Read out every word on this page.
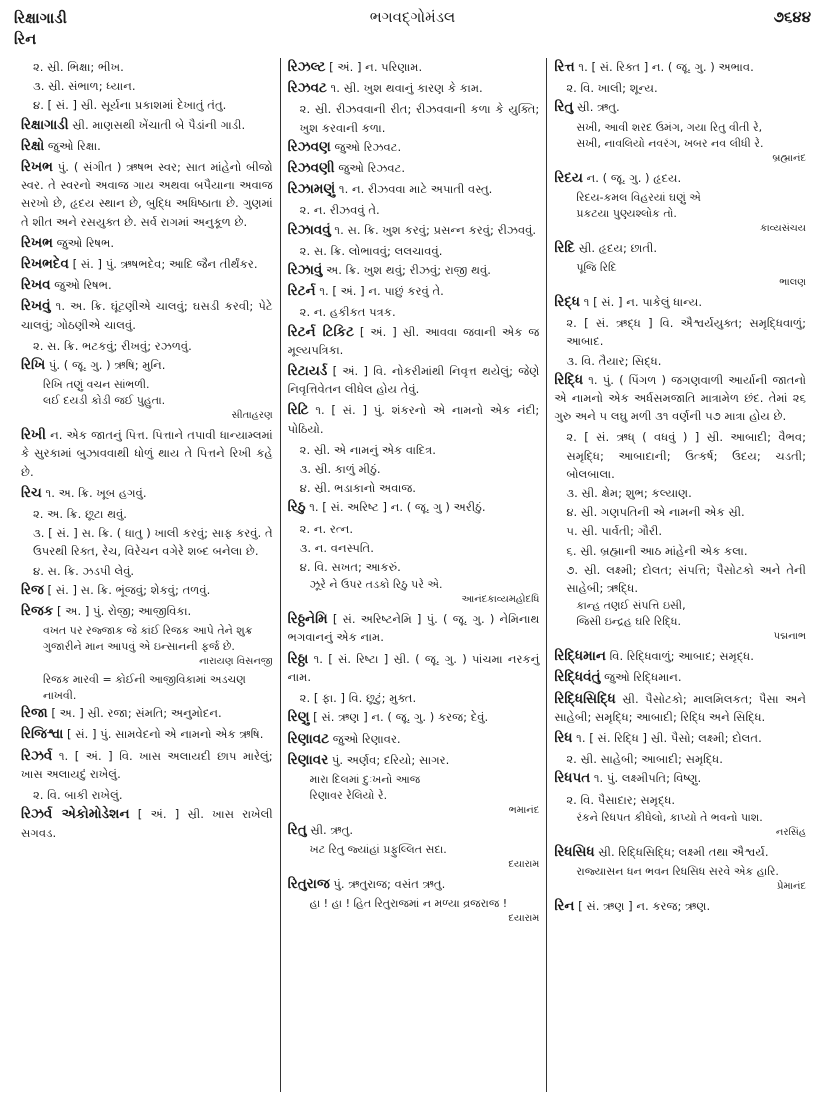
રિક્ષાગાડી
રિન
ભગવદ્ગોમંડલ	૭૬૪૪
૨. સ્રી. ભિક્ષા; ભીખ.
૩. સ્રી. સંભાળ; ધ્યાન.
૪. [ સં. ] સ્રી. સૂર્યના પ્રકાશમાં દેખાતું તંતુ.
રિક્ષાગાડી સ્રી. માણસથી ખેંચાતી બે પૈડાંની ગાડી.
રિક્ષો જુઓ રિક્ષા.
રિખભ પું. ( સંગીત ) ઋષભ સ્વર; સાત માંહેનો બીજો સ્વર. તે સ્વરનો અવાજ ગાય અથવા બપૈયાના અવાજ સરખો છે, હૃદય સ્થાન છે, બુદ્ધિ અધિષ્ઠાતા છે. ગુણમાં તે શીત અને રસયુક્ત છે. સર્વ રાગમાં અનુકૂળ છે.
રિખભ જુઓ રિષભ.
રિખભદેવ [ સં. ] પું. ઋષભદેવ; આદિ જૈન તીર્થંકર.
રિખવ જુઓ રિષભ.
રિખવું ૧. અ. ક્રિ. ઘૂંટણીએ ચાલવું; ઘસડી કરવી; પેટે ચાલવું; ગોઠણીએ ચાલવું.
૨. સ. ક્રિ. ભટકવું; રીખવું; રઝળવું.
રિખિ પું. ( જૂ. ગુ. ) ઋષિ; મુનિ.
રિખિ તણું વચન સાંભળી.
લઈ દયડી કોડી જઈ પુહુતા.
સીતાહરણ
રિખી ન. એક જાતનું પિત્ત. પિત્તાને તપાવી ધાન્યામ્લમાં કે સુરકામાં બુઝાવવાથી ધોળું થાય તે પિત્તને રિખી કહે છે.
રિચ ૧. અ. ક્રિ. ખૂબ હગવું.
૨. અ. ક્રિ. છૂટા થવું.
૩. [ સં. ] સ. ક્રિ. ( ધાતુ ) ખાલી કરવું; સાફ કરવું. તે ઉપરથી રિક્ત, રેચ, વિરેચન વગેરે શબ્દ બનેલા છે.
૪. સ. ક્રિ. ઝડપી લેવું.
રિજ [ સં. ] સ. ક્રિ. ભૂંજવું; શેકવું; તળવું.
રિજક [ અ. ] પું. રોજી; આજીવિકા.
વખત પર રજ્જાક જે કાંઈ રિજક આપે તેને શુક્ર ગુજારીને માન આપવું એ ઇન્સાનની ફર્જ છે.
નારાયણ વિસનજી
રિજક મારવી = કોઈની આજીવિકામાં અડચણ નાખવી.
રિજા [ અ. ] સ્રી. રજા; સંમતિ; અનુમોદન.
રિજિશ્વા [ સં. ] પું. સામવેદનો એ નામનો એક ઋષિ.
રિઝર્વ ૧. [ અં. ] વિ. ખાસ અલાયદી છાપ મારેલું; ખાસ અલાયદું રાખેલું.
૨. વિ. બાકી રાખેલું.
રિઝર્વ એકોમોડેશન [ અં. ] સ્રી. ખાસ રાખેલી સગવડ.
રિઝલ્ટ [ અં. ] ન. પરિણામ.
રિઝવટ ૧. સ્રી. ખુશ થવાનું કારણ કે કામ.
૨. સ્રી. રીઝવવાની રીત; રીઝવવાની કળા કે યુક્તિ; ખુશ કરવાની કળા.
રિઝવણ જુઓ રિઝવટ.
રિઝવણી જુઓ રિઝવટ.
રિઝામણું ૧. ન. રીઝવવા માટે અપાતી વસ્તુ.
૨. ન. રીઝવવું તે.
રિઝાવવું ૧. સ. ક્રિ. ખુશ કરવું; પ્રસન્ન કરવું; રીઝવવું.
૨. સ. ક્રિ. લોભાવવું; લલચાવવું.
રિઝાવું અ. ક્રિ. ખુશ થવું; રીઝવું; રાજી થવું.
રિટર્ન ૧. [ અં. ] ન. પાછું કરવું તે.
૨. ન. હકીકત પત્રક.
રિટર્ન ટિકિટ [ અં. ] સ્રી. આવવા જવાની એક જ મૂલ્યપત્રિકા.
રિટાયર્ડ [ અં. ] વિ. નોકરીમાંથી નિવૃત્ત થયેલું; જેણે નિવૃત્તિવેતન લીધેલ હોય તેવું.
રિટિ ૧. [ સં. ] પું. શંકરનો એ નામનો એક નંદી; પોઠિયો.
૨. સ્રી. એ નામનું એક વાદિત્ર.
૩. સ્રી. કાળું મીઠું.
૪. સ્રી. ભડાકાનો અવાજ.
રિઠુ ૧. [ સં. અરિષ્ટ ] ન. ( જૂ. ગુ ) અરીઠું.
૨. ન. રત્ન.
૩. ન. વનસ્પતિ.
૪. વિ. સખત; આકરું.
ઝૂરે ને ઉપર તડકો રિઠુ પરે એ.
આનંદકાવ્યમહોદધિ
રિઠ્ઠનેમિ [ સં. અરિષ્ટનેમિ ] પું. ( જૂ. ગુ. ) નેમિનાથ ભગવાનનું એક નામ.
રિઠ્ઠા ૧. [ સં. રિષ્ટા ] સ્રી. ( જૂ. ગુ. ) પાંચમા નરકનું નામ.
૨. [ ફા. ] વિ. છૂટું; મુક્ત.
રિણુ [ સં. ઋણ ] ન. ( જૂ. ગુ. ) કરજ; દેવું.
રિણાવટ જુઓ રિણાવર.
રિણાવર પું. અર્ણવ; દરિયો; સાગર.
મારા દિલમાં દુઃખનો આજ
રિણાવર રેલિયો રે.
ભમાનંદ
રિતુ સ્રી. ઋતુ.
ખટ રિતુ જ્યાંહાં પ્રફુલ્લિત સદા.
દયારામ
રિતુરાજ પું. ઋતુરાજ; વસંત ઋતુ.
હા ! હા ! હિત રિતુરાજમાં ન મળ્યા વ્રજરાજ !
દયારામ
રિત્ત ૧. [ સં. રિક્ત ] ન. ( જૂ. ગુ. ) અભાવ.
૨. વિ. ખાલી; શૂન્ય.
રિતુ સ્રી. ઋતુ.
સખી, આવી શરદ ઉમંગ, ગયા રિતુ વીતી રે,
સખી, નાવલિયો નવરંગ, ખબર નવ લીધી રે.
બ્રહ્માનંદ
રિદય ન. ( જૂ. ગુ. ) હૃદય.
રિદય-કમલ વિહરયાં ઘણું એ
પ્રકટયા પુણ્યશ્લોક તો.
કાવ્યસંચય
રિદિ સ્રી. હૃદય; છાતી.
પૂજિ રિદિ
ભાલણ
રિદ્ધ ૧ [ સં. ] ન. પાકેલું ધાન્ય.
૨. [ સં. ઋદ્ધ ] વિ. ઐશ્વર્યયુક્ત; સમૃદ્ધિવાળું; આબાદ.
૩. વિ. તૈયાર; સિદ્ધ.
રિદ્ધિ ૧. પું. ( પિંગળ ) જગણવાળી આર્યાની જાતનો એ નામનો એક અર્ધસમજાતિ માત્રામેળ છંદ. તેમાં ૨૬ ગુરુ અને ૫ લઘુ મળી ૩૧ વર્ણની ૫૭ માત્રા હોય છે.
૨. [ સં. ઋધ્ ( વધવું ) ] સ્રી. આબાદી; વૈભવ; સમૃદ્ધિ; આબાદાની; ઉત્કર્ષ; ઉદય; ચડતી; બોલબાલા.
૩. સ્રી. ક્ષેમ; શુભ; કલ્યાણ.
૪. સ્રી. ગણપતિની એ નામની એક સ્રી.
૫. સ્રી. પાર્વતી; ગૌરી.
૬. સ્રી. બ્રહ્માની આઠ માંહેની એક કલા.
૭. સ્રી. લક્ષ્મી; દોલત; સંપત્તિ; પૈસોટકો અને તેની સાહેબી; ઋદ્ધિ.
કાન્હ તણઈ સંપત્તિ ઇસી,
જિસી ઇન્દ્રહ ઘરિ રિદ્ધિ.
પદ્મનાભ
રિદ્ધિમાન વિ. રિદ્ધિવાળું; આબાદ; સમૃદ્ધ.
રિદ્ધિવંતું જુઓ રિદ્ધિમાન.
રિદ્ધિસિદ્ધિ સ્રી. પૈસોટકો; માલમિલકત; પૈસા અને સાહેબી; સમૃદ્ધિ; આબાદી; રિદ્ધિ અને સિદ્ધિ.
રિધ ૧. [ સં. રિદ્ધિ ] સ્રી. પૈસો; લક્ષ્મી; દોલત.
૨. સ્રી. સાહેબી; આબાદી; સમૃદ્ધિ.
રિધપત ૧. પું. લક્ષ્મીપતિ; વિષ્ણુ.
૨. વિ. પૈસાદાર; સમૃદ્ધ.
રંકને રિધપત કીધેલો, કાપ્યો તે ભવનો પાશ.
નરસિંહ
રિધસિધ સ્રી. રિદ્ધિસિદ્ધિ; લક્ષ્મી તથા ઐશ્વર્ય.
રાજ્યાસન ધન ભવન રિધસિધ સરવે એક હારિ.
પ્રેમાનંદ
રિન [ સં. ઋણ ] ન. કરજ; ઋણ.
